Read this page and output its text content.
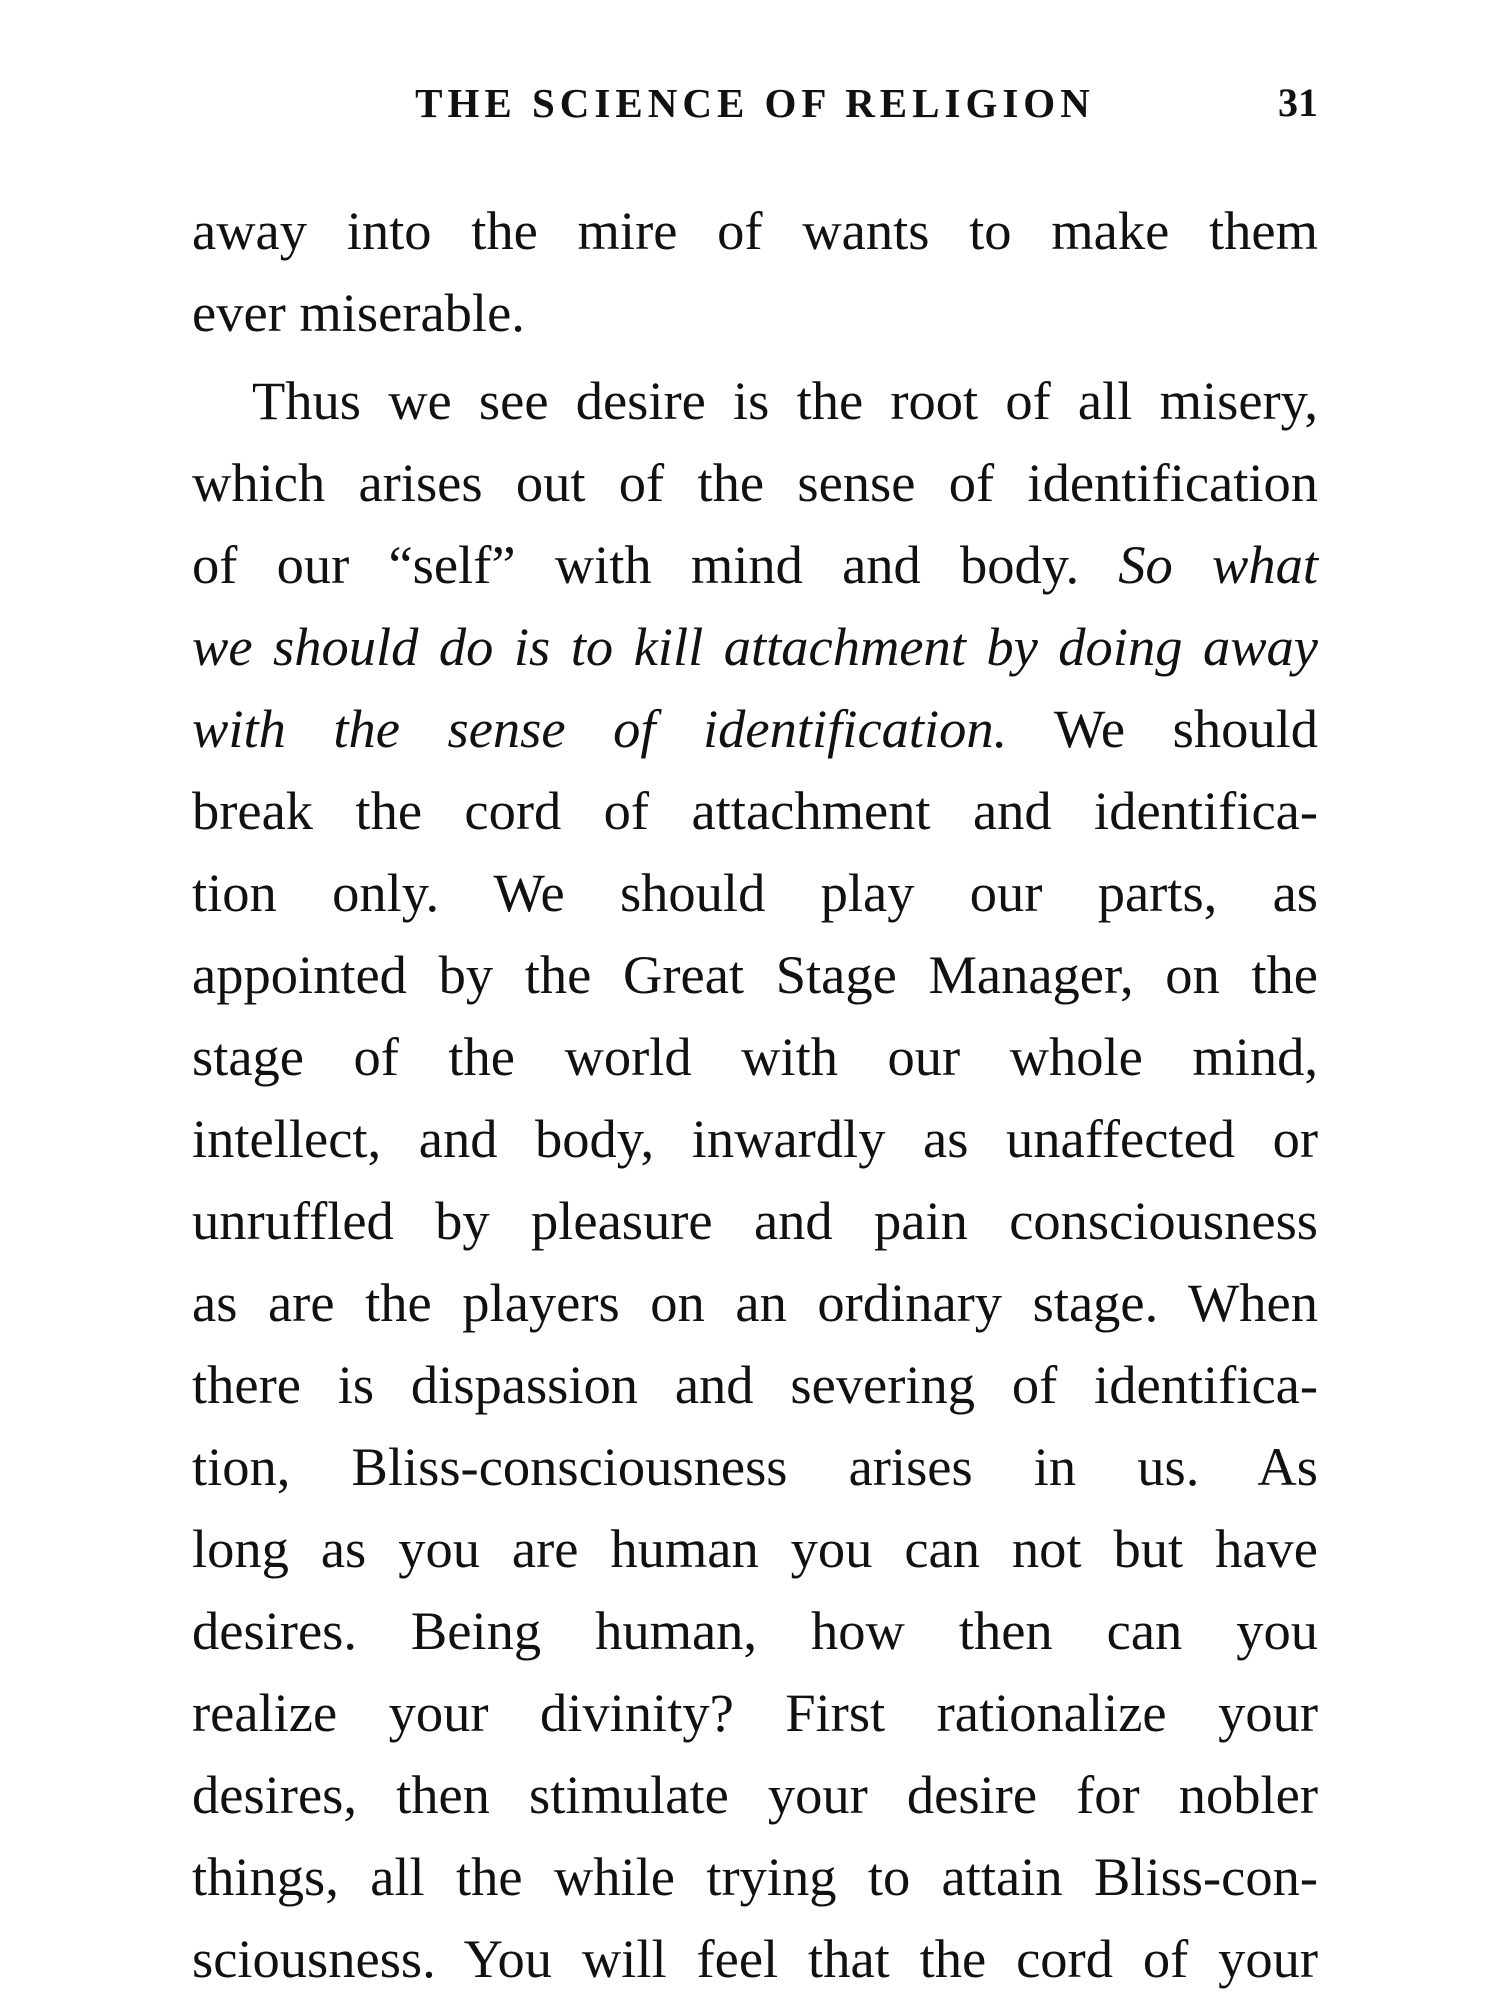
THE SCIENCE OF RELIGION	31
away into the mire of wants to make them
ever miserable.
Thus we see desire is the root of all misery,
which arises out of the sense of identification
of our “self” with mind and body. So what
we should do is to kill attachment by doing away
with the sense of identification. We should
break the cord of attachment and identifica-
tion only. We should play our parts, as
appointed by the Great Stage Manager, on the
stage of the world with our whole mind,
intellect, and body, inwardly as unaffected or
unruffled by pleasure and pain consciousness
as are the players on an ordinary stage. When
there is dispassion and severing of identifica-
tion, Bliss-consciousness arises in us. As
long as you are human you can not but have
desires. Being human, how then can you
realize your divinity? First rationalize your
desires, then stimulate your desire for nobler
things, all the while trying to attain Bliss-con-
sciousness. You will feel that the cord of your
